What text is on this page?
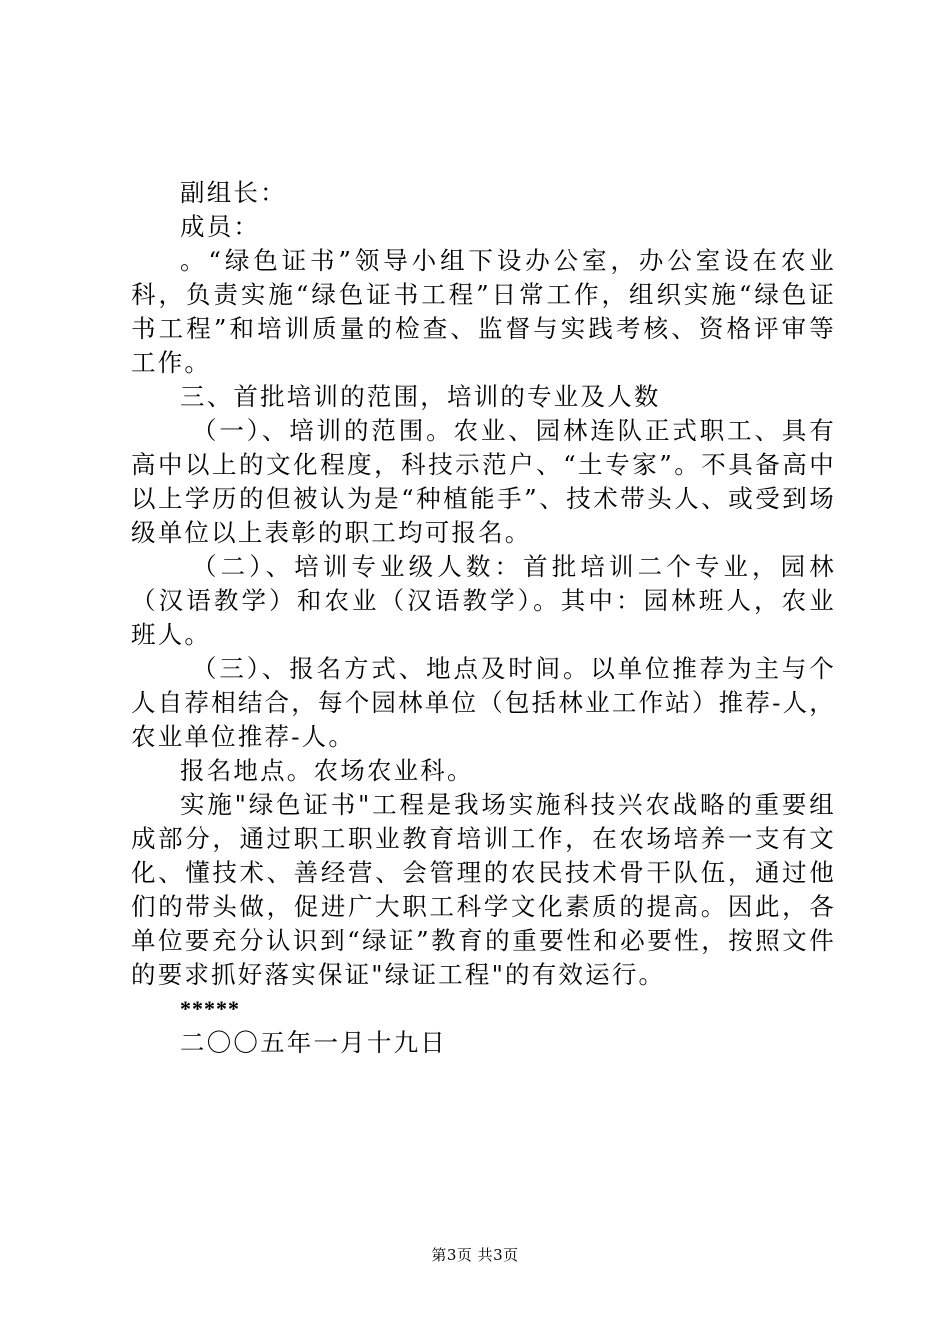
副组长：

成员：

。“绿色证书”领导小组下设办公室，办公室设在农业科，负责实施“绿色证书工程”日常工作，组织实施“绿色证书工程”和培训质量的检查、监督与实践考核、资格评审等工作。

三、首批培训的范围，培训的专业及人数

（一）、培训的范围。农业、园林连队正式职工、具有高中以上的文化程度，科技示范户、“土专家”。不具备高中以上学历的但被认为是“种植能手”、技术带头人、或受到场级单位以上表彰的职工均可报名。

（二）、培训专业级人数：首批培训二个专业，园林（汉语教学）和农业（汉语教学）。其中：园林班人，农业班人。

（三）、报名方式、地点及时间。以单位推荐为主与个人自荐相结合，每个园林单位（包括林业工作站）推荐-人，农业单位推荐-人。

报名地点。农场农业科。

实施"绿色证书"工程是我场实施科技兴农战略的重要组成部分，通过职工职业教育培训工作，在农场培养一支有文化、懂技术、善经营、会管理的农民技术骨干队伍，通过他们的带头做，促进广大职工科学文化素质的提高。因此，各单位要充分认识到“绿证”教育的重要性和必要性，按照文件的要求抓好落实保证"绿证工程"的有效运行。

*****

二〇〇五年一月十九日

第3页 共3页
